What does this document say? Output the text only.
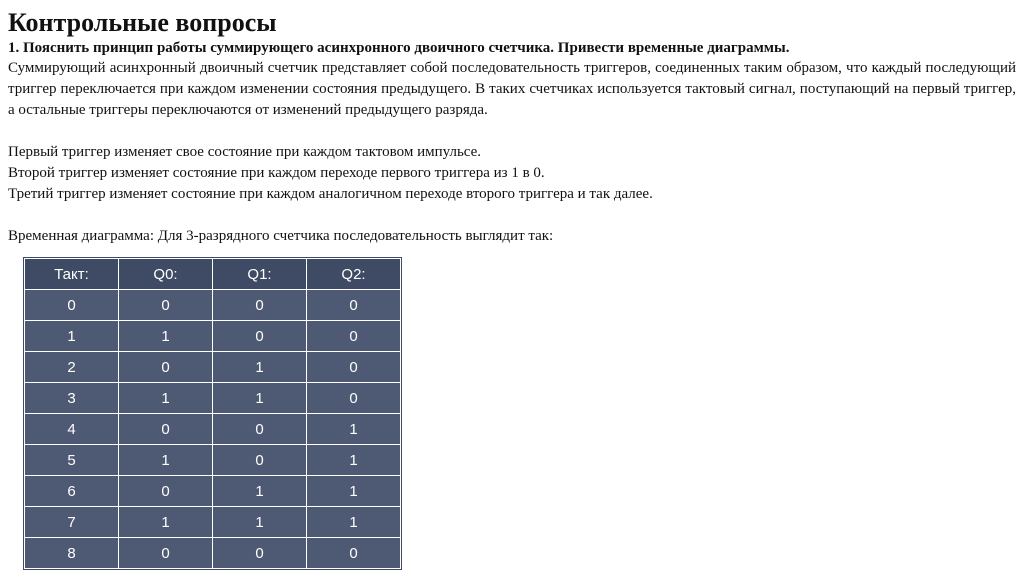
Контрольные вопросы

1. Пояснить принцип работы суммирующего асинхронного двоичного счетчика. Привести временные диаграммы.

Суммирующий асинхронный двоичный счетчик представляет собой последовательность триггеров, соединенных таким образом, что каждый последующий триггер переключается при каждом изменении состояния предыдущего. В таких счетчиках используется тактовый сигнал, поступающий на первый триггер, а остальные триггеры переключаются от изменений предыдущего разряда.

Первый триггер изменяет свое состояние при каждом тактовом импульсе.

Второй триггер изменяет состояние при каждом переходе первого триггера из 1 в 0.

Третий триггер изменяет состояние при каждом аналогичном переходе второго триггера и так далее.

Временная диаграмма: Для 3-разрядного счетчика последовательность выглядит так:

Такт:	Q0:	Q1:	Q2:
0	0	0	0
1	1	0	0
2	0	1	0
3	1	1	0
4	0	0	1
5	1	0	1
6	0	1	1
7	1	1	1
8	0	0	0
